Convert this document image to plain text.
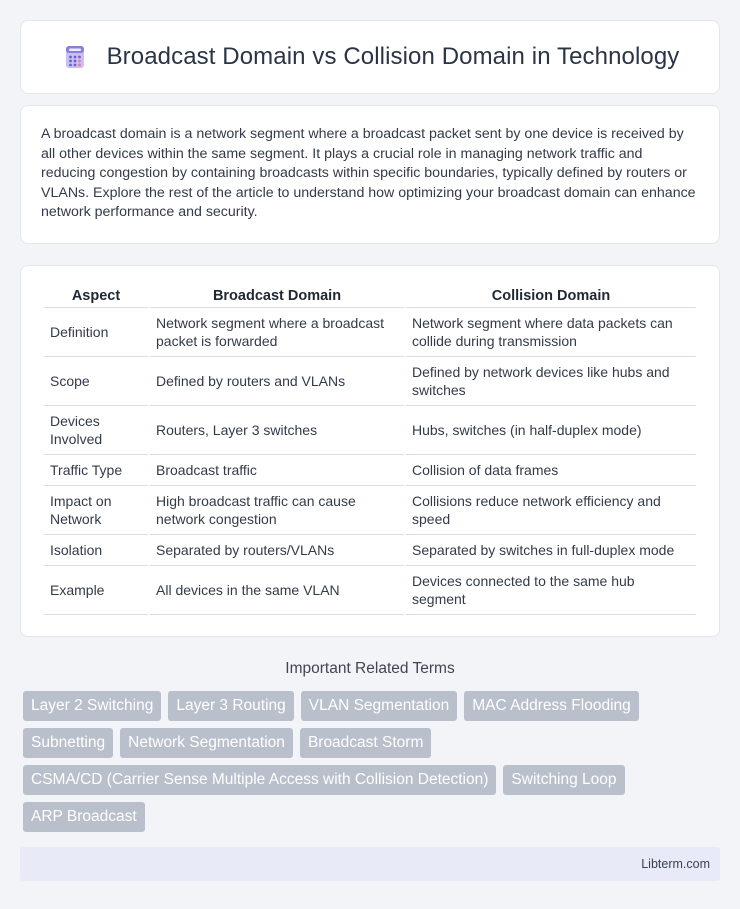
Broadcast Domain vs Collision Domain in Technology

A broadcast domain is a network segment where a broadcast packet sent by one device is received by all other devices within the same segment. It plays a crucial role in managing network traffic and reducing congestion by containing broadcasts within specific boundaries, typically defined by routers or VLANs. Explore the rest of the article to understand how optimizing your broadcast domain can enhance network performance and security.

Aspect	Broadcast Domain	Collision Domain
Definition	Network segment where a broadcast packet is forwarded	Network segment where data packets can collide during transmission
Scope	Defined by routers and VLANs	Defined by network devices like hubs and switches
Devices Involved	Routers, Layer 3 switches	Hubs, switches (in half-duplex mode)
Traffic Type	Broadcast traffic	Collision of data frames
Impact on Network	High broadcast traffic can cause network congestion	Collisions reduce network efficiency and speed
Isolation	Separated by routers/VLANs	Separated by switches in full-duplex mode
Example	All devices in the same VLAN	Devices connected to the same hub segment
Important Related Terms
Layer 2 Switching	Layer 3 Routing	VLAN Segmentation	MAC Address Flooding
Subnetting	Network Segmentation	Broadcast Storm
CSMA/CD (Carrier Sense Multiple Access with Collision Detection)	Switching Loop
ARP Broadcast
Libterm.com
